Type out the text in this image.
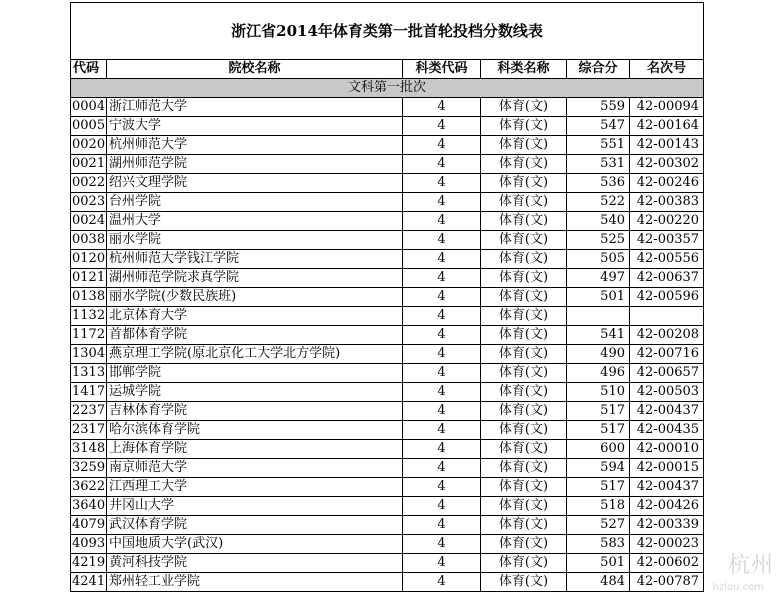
浙江省2014年体育类第一批首轮投档分数线表					
代码	院校名称	科类代码	科类名称	综合分	名次号
文科第一批次					
0004	浙江师范大学	4	体育(文)	559	42-00094
0005	宁波大学	4	体育(文)	547	42-00164
0020	杭州师范大学	4	体育(文)	551	42-00143
0021	湖州师范学院	4	体育(文)	531	42-00302
0022	绍兴文理学院	4	体育(文)	536	42-00246
0023	台州学院	4	体育(文)	522	42-00383
0024	温州大学	4	体育(文)	540	42-00220
0038	丽水学院	4	体育(文)	525	42-00357
0120	杭州师范大学钱江学院	4	体育(文)	505	42-00556
0121	湖州师范学院求真学院	4	体育(文)	497	42-00637
0138	丽水学院(少数民族班)	4	体育(文)	501	42-00596
1132	北京体育大学	4	体育(文)		
1172	首都体育学院	4	体育(文)	541	42-00208
1304	燕京理工学院(原北京化工大学北方学院)	4	体育(文)	490	42-00716
1313	邯郸学院	4	体育(文)	496	42-00657
1417	运城学院	4	体育(文)	510	42-00503
2237	吉林体育学院	4	体育(文)	517	42-00437
2317	哈尔滨体育学院	4	体育(文)	517	42-00435
3148	上海体育学院	4	体育(文)	600	42-00010
3259	南京师范大学	4	体育(文)	594	42-00015
3622	江西理工大学	4	体育(文)	517	42-00437
3640	井冈山大学	4	体育(文)	518	42-00426
4079	武汉体育学院	4	体育(文)	527	42-00339
4093	中国地质大学(武汉)	4	体育(文)	583	42-00023
4219	黄河科技学院	4	体育(文)	501	42-00602
4241	郑州轻工业学院	4	体育(文)	484	42-00787
杭州
hzlou.com
